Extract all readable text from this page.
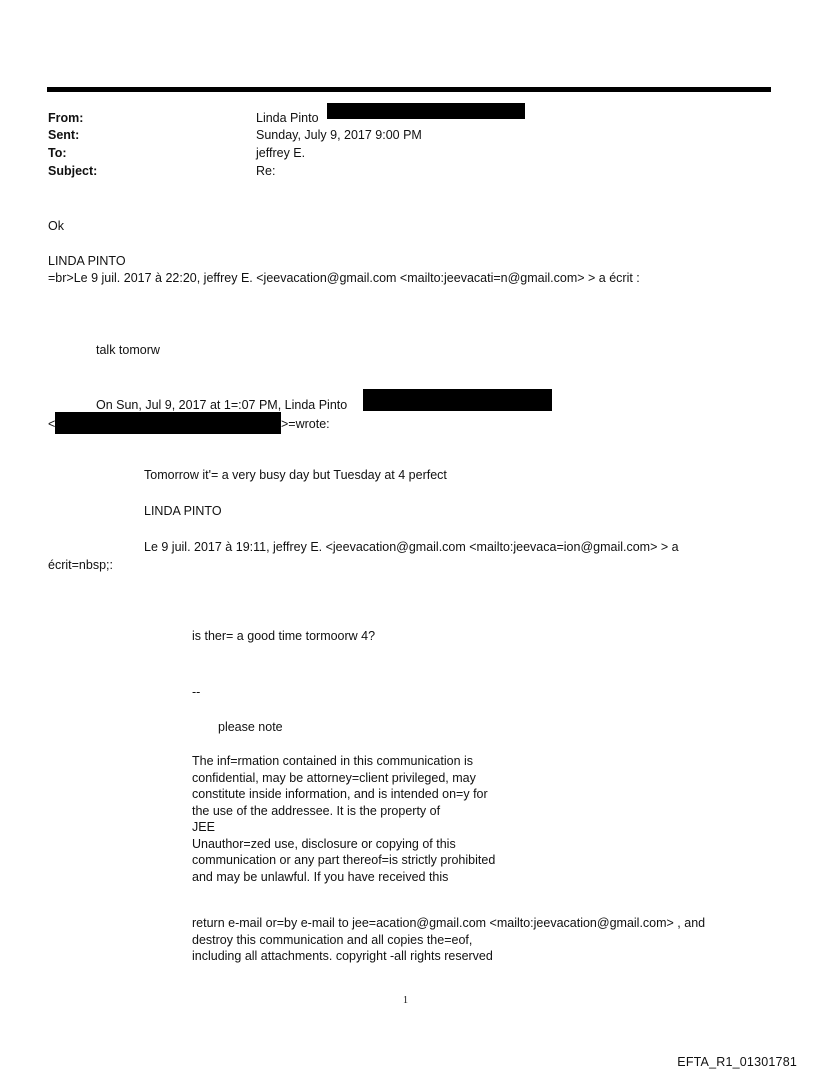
From:	Linda Pinto
Sent:	Sunday, July 9, 2017 9:00 PM
To:	jeffrey E.
Subject:	Re:
Ok
LINDA PINTO
=br>Le 9 juil. 2017 à 22:20, jeffrey E. <jeevacation@gmail.com <mailto:jeevacati=n@gmail.com> > a écrit :
talk tomorw
On Sun, Jul 9, 2017 at 1=:07 PM, Linda Pinto
<	>=wrote:
Tomorrow it'= a very busy day but Tuesday at 4 perfect
LINDA PINTO
Le 9 juil. 2017 à 19:11, jeffrey E. <jeevacation@gmail.com <mailto:jeevaca=ion@gmail.com> > a
écrit=nbsp;:
is ther= a good time tormoorw 4?
--
please note
The inf=rmation contained in this communication is
confidential, may be attorney=client privileged, may
constitute inside information, and is intended on=y for
the use of the addressee. It is the property of
JEE
Unauthor=zed use, disclosure or copying of this
communication or any part thereof=is strictly prohibited
and may be unlawful. If you have received this
return e-mail or=by e-mail to jee=acation@gmail.com <mailto:jeevacation@gmail.com> , and
destroy this communication and all copies the=eof,
including all attachments. copyright -all rights reserved
1
EFTA_R1_01301781
